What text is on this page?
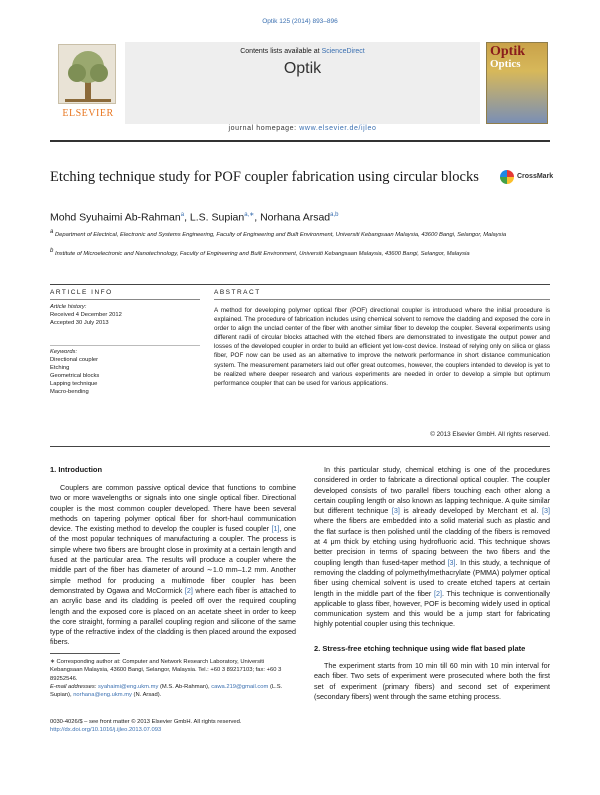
Optik 125 (2014) 893–896
ELSEVIER
Contents lists available at ScienceDirect
Optik
journal homepage: www.elsevier.de/ijleo
Optik
Optics
Etching technique study for POF coupler fabrication using circular blocks	CrossMark
Mohd Syuhaimi Ab-Rahman$^a$, L.S. Supian$^{a,∗}$, Norhana Arsad$^{a,b}$
$^a$ Department of Electrical, Electronic and Systems Engineering, Faculty of Engineering and Built Environment, Universiti Kebangsaan Malaysia, 43600 Bangi, Selangor, Malaysia
$^b$ Institute of Microelectronic and Nanotechnology, Faculty of Engineering and Built Environment, Universiti Kebangsaan Malaysia, 43600 Bangi, Selangor, Malaysia
ARTICLE INFO	ABSTRACT
Article history:
Received 4 December 2012
Accepted 30 July 2013
Keywords:
Directional coupler
Etching
Geometrical blocks
Lapping technique
Macro-bending
A method for developing polymer optical fiber (POF) directional coupler is introduced where the initial procedure is explained. The procedure of fabrication includes using chemical solvent to remove the cladding and exposed the core in order to align the unclad center of the fiber with another similar fiber to develop the coupler. Several experiments using different radii of circular blocks attached with the etched fibers are demonstrated to investigate the output power and losses of the developed coupler in order to build an efficient yet low-cost device. Instead of relying only on silica or glass fiber, POF now can be used as an alternative to improve the network performance in short distance communication system. The measurement parameters laid out offer great outcomes, however, the couplers intended to develop is yet to be realized where deeper research and various experiments are needed in order to develop a simple but optimum performance coupler that can be used for various applications.
© 2013 Elsevier GmbH. All rights reserved.
1. Introduction
Couplers are common passive optical device that functions to combine two or more wavelengths or signals into one single optical fiber. Directional coupler is the most common coupler developed. There have been several methods on tapering polymer optical fiber for short-haul communication device. The existing method to develop the coupler is fused coupler [1], one of the most popular techniques of manufacturing a coupler. The process is simple where two fibers are brought close in proximity at a certain length and fused at the particular area. The results will produce a coupler where the middle part of the fiber has diameter of around ∼1.0 mm–1.2 mm. Another simple method for producing a multimode fiber coupler has been demonstrated by Ogawa and McCormick [2] where each fiber is attached to an acrylic base and its cladding is peeled off over the required coupling length and the exposed core is placed on an acetate sheet in order to keep the core straight, forming a parallel coupling region and silicone of the same type of the refractive index of the cladding is then placed around the exposed fibers.
In this particular study, chemical etching is one of the procedures considered in order to fabricate a directional optical coupler. The coupler developed consists of two parallel fibers touching each other along a certain coupling length or also known as lapping technique. A quite similar but different technique [3] is already developed by Merchant et al. [3] where the fibers are embedded into a solid material such as plastic and the flat surface is then polished until the cladding of the fibers is removed at 4 μm thick by etching using hydrofluoric acid. This technique shows better precision in terms of spacing between the two fibers and the coupling length than fused-taper method [3]. In this study, a technique of removing the cladding of polymethylmethacrylate (PMMA) polymer optical fiber using chemical solvent is used to create etched tapers at certain length in the middle part of the fiber [2]. This technique is conventionally applicable to glass fiber, however, POF is becoming widely used in optical communication system and this would be a jump start for fabricating highly potential coupler using this technique.
2. Stress-free etching technique using wide flat based plate
The experiment starts from 10 min till 60 min with 10 min interval for each fiber. Two sets of experiment were prosecuted where both the first set of experiment (primary fibers) and second set of experiment (secondary fibers) went through the same etching process.
∗ Corresponding author at: Computer and Network Research Laboratory, Universiti Kebangsaan Malaysia, 43600 Bangi, Selangor, Malaysia. Tel.: +60 3 89217103; fax: +60 3 89252546.
E-mail addresses: syahaimi@eng.ukm.my (M.S. Ab-Rahman), cawa.219@gmail.com (L.S. Supian), norhana@eng.ukm.my (N. Arsad).
0030-4026/$ – see front matter © 2013 Elsevier GmbH. All rights reserved.
http://dx.doi.org/10.1016/j.ijleo.2013.07.093
